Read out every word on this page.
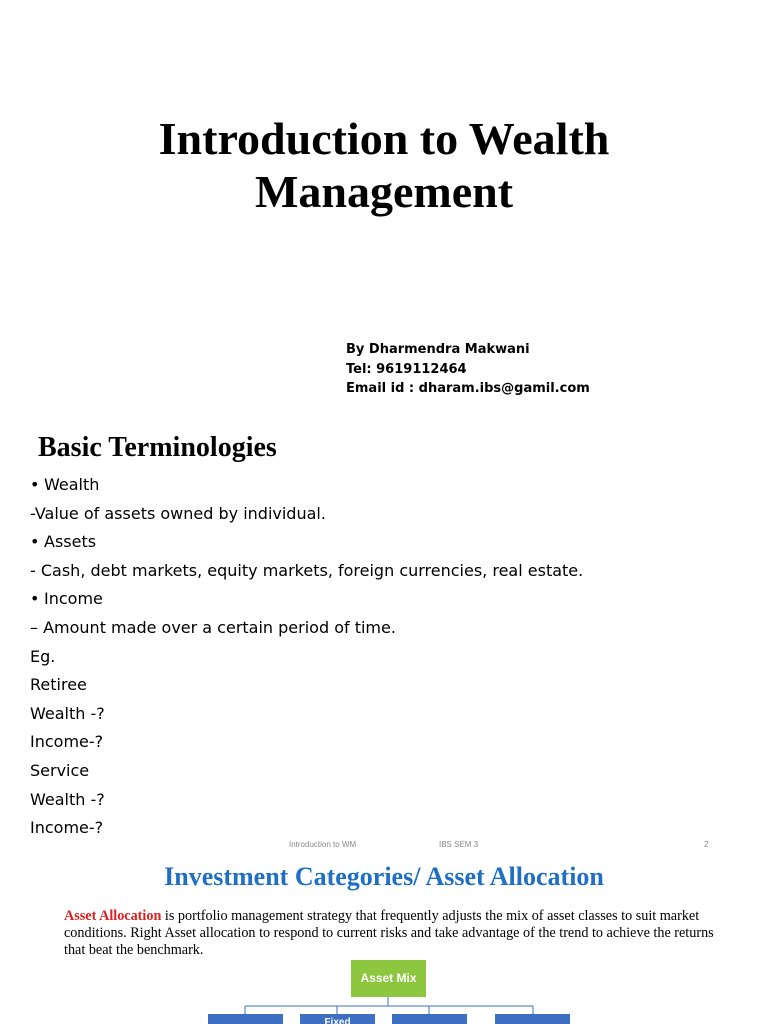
Introduction to Wealth
Management
By Dharmendra Makwani
Tel: 9619112464
Email id : dharam.ibs@gamil.com
Basic Terminologies
• Wealth
-Value of assets owned by individual.
• Assets
- Cash, debt markets, equity markets, foreign currencies, real estate.
• Income
– Amount made over a certain period of time.
Eg.
Retiree
Wealth -?
Income-?
Service
Wealth -?
Income-?
Introduction to WM	IBS SEM 3	2
Investment Categories/ Asset Allocation
Asset Allocation is portfolio management strategy that frequently adjusts the mix of asset classes to suit market conditions. Right Asset allocation to respond to current risks and take advantage of the trend to achieve the returns that beat the benchmark.
Asset Mix
Fixed
